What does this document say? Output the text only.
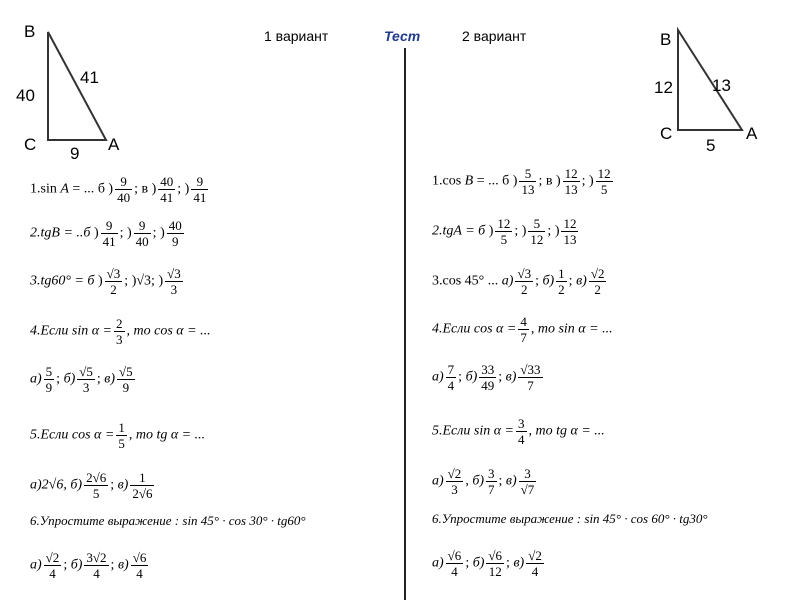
1 вариант	Тест	2 вариант
B
C	A
40
41
9
B
C	A
12 13
5
1.sin A = ... б ) $\frac{9}{40}$ ; в ) $\frac{40}{41}$ ; ) $\frac{9}{41}$
2.tgB = ..б ) $\frac{9}{41}$ ; ) $\frac{9}{40}$ ; ) $\frac{40}{9}$
3.tg60° = б ) $\frac{√3}{2}$ ; )√3; ) $\frac{√3}{3}$
4.Если $\sin \alpha = \frac{2}{3}$ , то cos α = ...
$а) \frac{5}{9}$ ; $б) \frac{√5}{3}$ ; $в) \frac{√5}{9}$
5.Если $\cos \alpha = \frac{1}{5}$ , то tg α = ...
а)2√6, $б) \frac{2√6}{5}$ ; $в) \frac{1}{2√6}$
6.Упростите выражение : sin 45° · cos 30° · tg60°
$а) \frac{√2}{4}$ ; $б) \frac{3√2}{4}$ ; $в) \frac{√6}{4}$
1.cos B = ... б ) $\frac{5}{13}$ ; в ) $\frac{12}{13}$ ; ) $\frac{12}{5}$
2.tgA = б ) $\frac{12}{5}$ ; ) $\frac{5}{12}$ ; ) $\frac{12}{13}$
3.cos 45° ... $а) \frac{√3}{2}$ ; $б) \frac{1}{2}$ ; $в) \frac{√2}{2}$
4.Если $\cos \alpha = \frac{4}{7}$ , то sin α = ...
$а) \frac{7}{4}$ ; $б) \frac{33}{49}$ ; $в) \frac{√33}{7}$
5.Если $\sin \alpha = \frac{3}{4}$ , то tg α = ...
$а) \frac{√2}{3}$ , $б) \frac{3}{7}$ ; $в) \frac{3}{√7}$
6.Упростите выражение : sin 45° · cos 60° · tg30°
$а) \frac{√6}{4}$ ; $б) \frac{√6}{12}$ ; $в) \frac{√2}{4}$
